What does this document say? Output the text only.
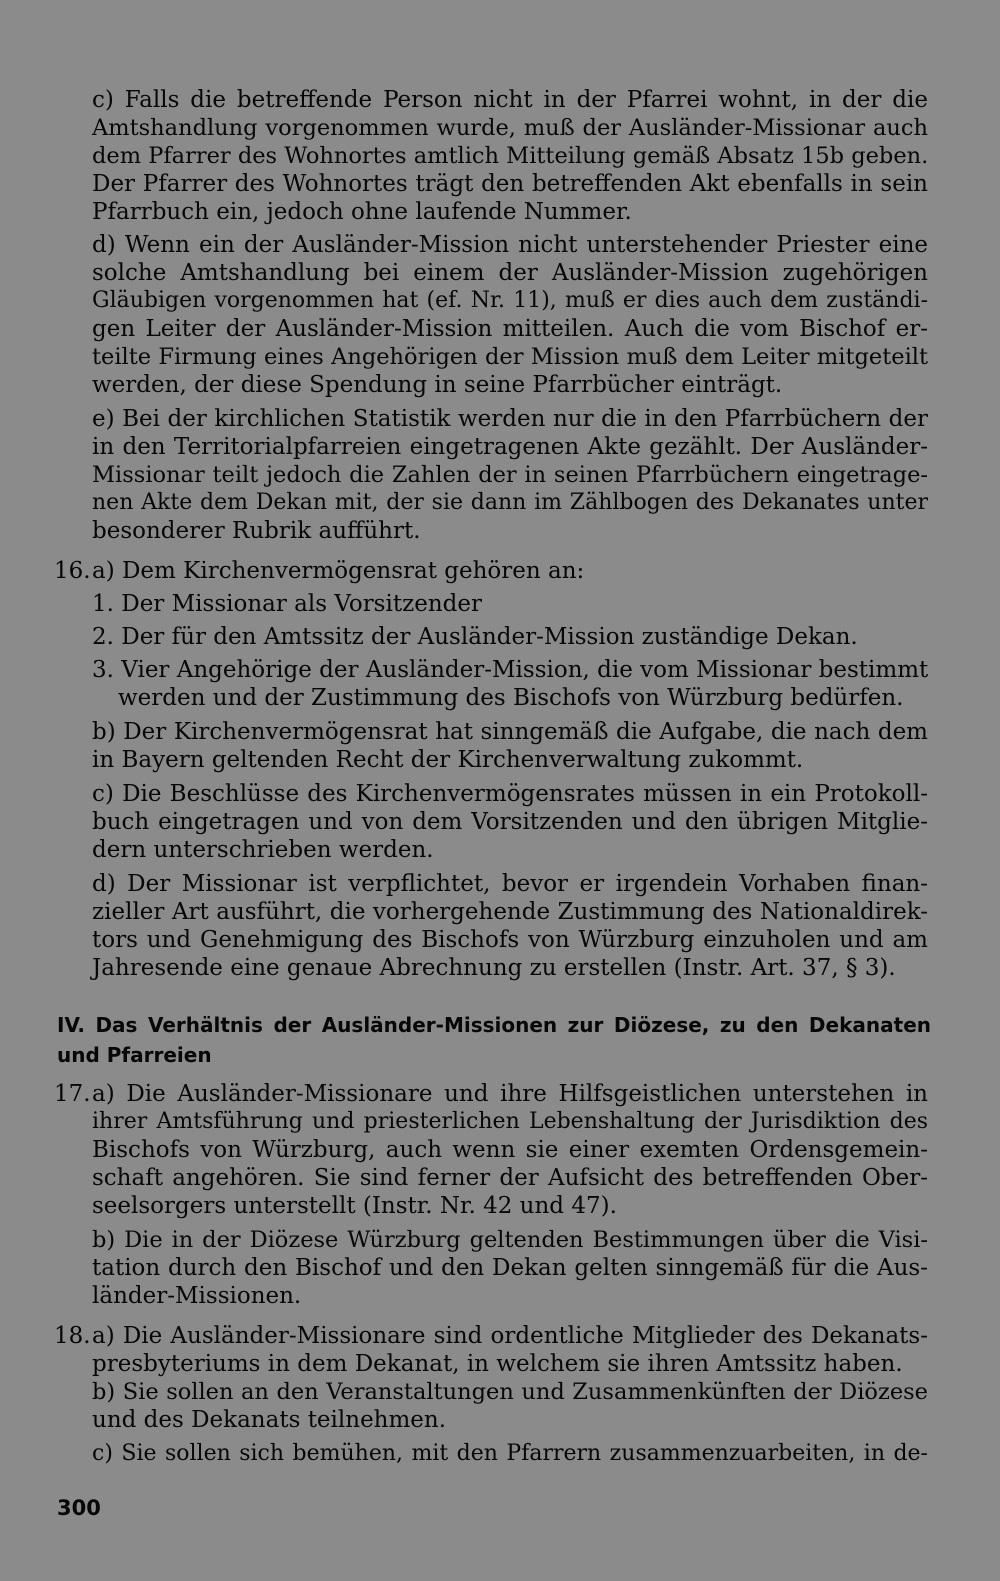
c) Falls die betreffende Person nicht in der Pfarrei wohnt, in der die
Amtshandlung vorgenommen wurde, muß der Ausländer-Missionar auch
dem Pfarrer des Wohnortes amtlich Mitteilung gemäß Absatz 15b geben.
Der Pfarrer des Wohnortes trägt den betreffenden Akt ebenfalls in sein
Pfarrbuch ein, jedoch ohne laufende Nummer.
d) Wenn ein der Ausländer-Mission nicht unterstehender Priester eine
solche Amtshandlung bei einem der Ausländer-Mission zugehörigen
Gläubigen vorgenommen hat (ef. Nr. 11), muß er dies auch dem zuständi-
gen Leiter der Ausländer-Mission mitteilen. Auch die vom Bischof er-
teilte Firmung eines Angehörigen der Mission muß dem Leiter mitgeteilt
werden, der diese Spendung in seine Pfarrbücher einträgt.
e) Bei der kirchlichen Statistik werden nur die in den Pfarrbüchern der
in den Territorialpfarreien eingetragenen Akte gezählt. Der Ausländer-
Missionar teilt jedoch die Zahlen der in seinen Pfarrbüchern eingetrage-
nen Akte dem Dekan mit, der sie dann im Zählbogen des Dekanates unter
besonderer Rubrik aufführt.
16. a) Dem Kirchenvermögensrat gehören an:
1. Der Missionar als Vorsitzender
2. Der für den Amtssitz der Ausländer-Mission zuständige Dekan.
3. Vier Angehörige der Ausländer-Mission, die vom Missionar bestimmt
werden und der Zustimmung des Bischofs von Würzburg bedürfen.
b) Der Kirchenvermögensrat hat sinngemäß die Aufgabe, die nach dem
in Bayern geltenden Recht der Kirchenverwaltung zukommt.
c) Die Beschlüsse des Kirchenvermögensrates müssen in ein Protokoll-
buch eingetragen und von dem Vorsitzenden und den übrigen Mitglie-
dern unterschrieben werden.
d) Der Missionar ist verpflichtet, bevor er irgendein Vorhaben finan-
zieller Art ausführt, die vorhergehende Zustimmung des Nationaldirek-
tors und Genehmigung des Bischofs von Würzburg einzuholen und am
Jahresende eine genaue Abrechnung zu erstellen (Instr. Art. 37, § 3).
IV. Das Verhältnis der Ausländer-Missionen zur Diözese, zu den Dekanaten
und Pfarreien
17. a) Die Ausländer-Missionare und ihre Hilfsgeistlichen unterstehen in
ihrer Amtsführung und priesterlichen Lebenshaltung der Jurisdiktion des
Bischofs von Würzburg, auch wenn sie einer exemten Ordensgemein-
schaft angehören. Sie sind ferner der Aufsicht des betreffenden Ober-
seelsorgers unterstellt (Instr. Nr. 42 und 47).
b) Die in der Diözese Würzburg geltenden Bestimmungen über die Visi-
tation durch den Bischof und den Dekan gelten sinngemäß für die Aus-
länder-Missionen.
18. a) Die Ausländer-Missionare sind ordentliche Mitglieder des Dekanats-
presbyteriums in dem Dekanat, in welchem sie ihren Amtssitz haben.
b) Sie sollen an den Veranstaltungen und Zusammenkünften der Diözese
und des Dekanats teilnehmen.
c) Sie sollen sich bemühen, mit den Pfarrern zusammenzuarbeiten, in de-
300
